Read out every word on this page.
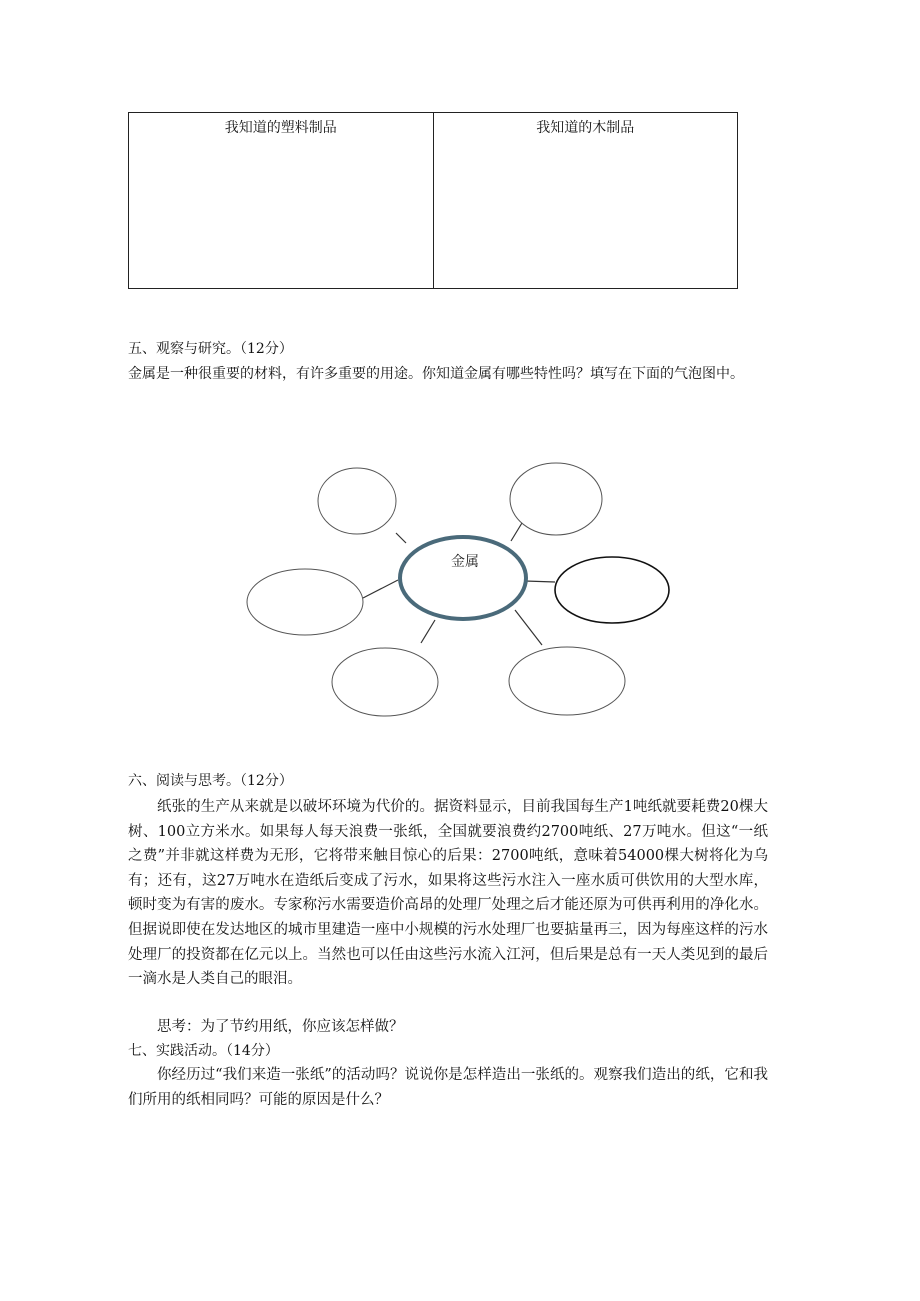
我知道的塑料制品	我知道的木制品
五、观察与研究。（12分）
金属是一种很重要的材料，有许多重要的用途。你知道金属有哪些特性吗？填写在下面的气泡图中。
金属
六、阅读与思考。（12分）
纸张的生产从来就是以破坏环境为代价的。据资料显示，目前我国每生产1吨纸就要耗费20棵大树、100立方米水。如果每人每天浪费一张纸，全国就要浪费约2700吨纸、27万吨水。但这“一纸之费”并非就这样费为无形，它将带来触目惊心的后果：2700吨纸，意味着54000棵大树将化为乌有；还有，这27万吨水在造纸后变成了污水，如果将这些污水注入一座水质可供饮用的大型水库，顿时变为有害的废水。专家称污水需要造价高昂的处理厂处理之后才能还原为可供再利用的净化水。但据说即使在发达地区的城市里建造一座中小规模的污水处理厂也要掂量再三，因为每座这样的污水处理厂的投资都在亿元以上。当然也可以任由这些污水流入江河，但后果是总有一天人类见到的最后一滴水是人类自己的眼泪。
思考：为了节约用纸，你应该怎样做？
七、实践活动。（14分）
你经历过“我们来造一张纸”的活动吗？说说你是怎样造出一张纸的。观察我们造出的纸，它和我们所用的纸相同吗？可能的原因是什么？
